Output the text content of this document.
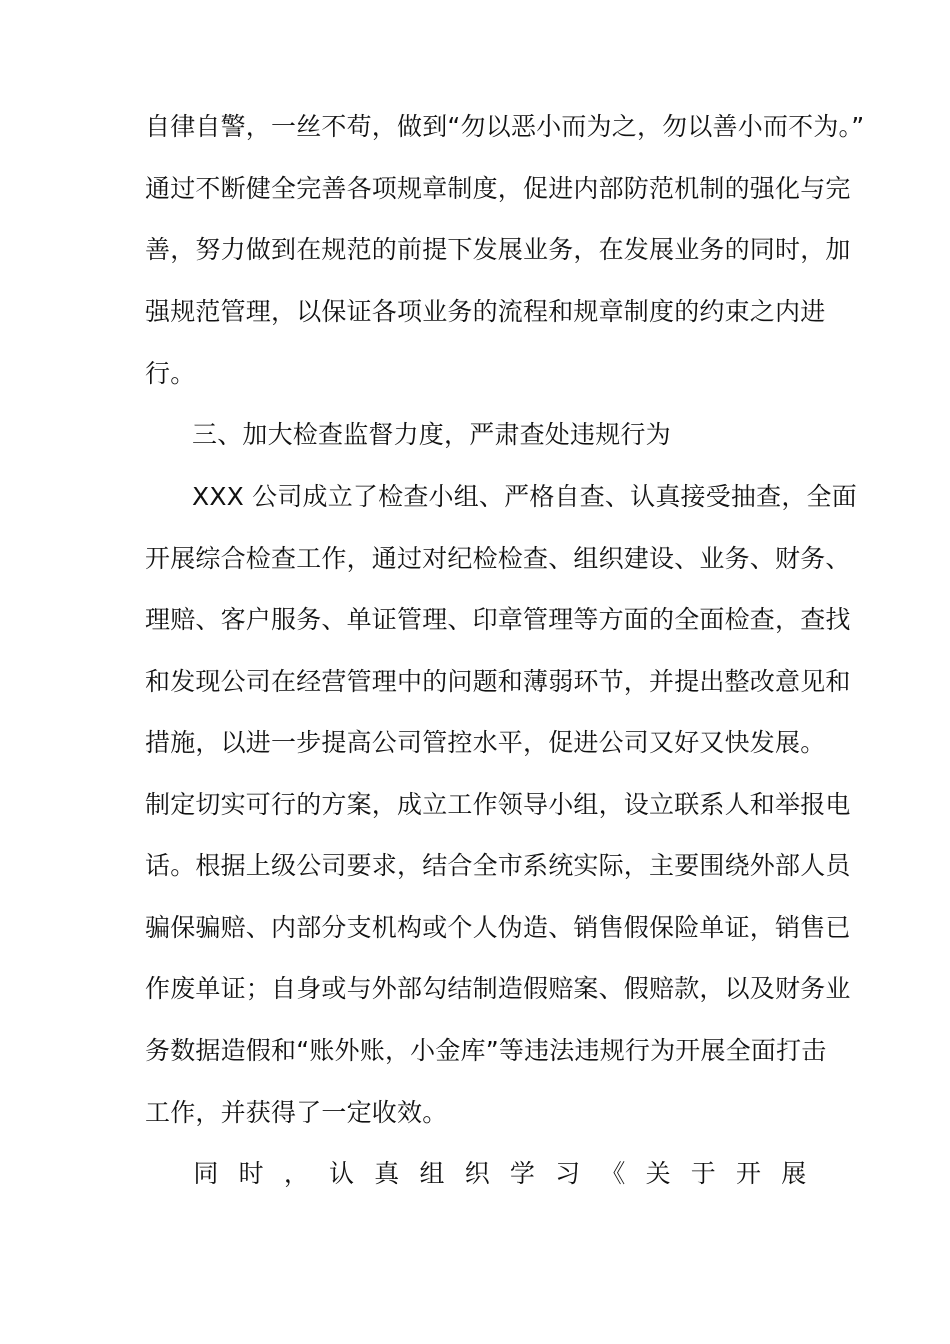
自律自警，一丝不苟，做到“勿以恶小而为之，勿以善小而不为。”
通过不断健全完善各项规章制度，促进内部防范机制的强化与完
善，努力做到在规范的前提下发展业务，在发展业务的同时，加
强规范管理，以保证各项业务的流程和规章制度的约束之内进
行。
三、加大检查监督力度，严肃查处违规行为
XXX 公司成立了检查小组、严格自查、认真接受抽查，全面
开展综合检查工作，通过对纪检检查、组织建设、业务、财务、
理赔、客户服务、单证管理、印章管理等方面的全面检查，查找
和发现公司在经营管理中的问题和薄弱环节，并提出整改意见和
措施，以进一步提高公司管控水平，促进公司又好又快发展。
制定切实可行的方案，成立工作领导小组，设立联系人和举报电
话。根据上级公司要求，结合全市系统实际，主要围绕外部人员
骗保骗赔、内部分支机构或个人伪造、销售假保险单证，销售已
作废单证；自身或与外部勾结制造假赔案、假赔款，以及财务业
务数据造假和“账外账，小金库”等违法违规行为开展全面打击
工作，并获得了一定收效。
同 时 ， 认 真 组 织 学 习 《 关 于 开 展
